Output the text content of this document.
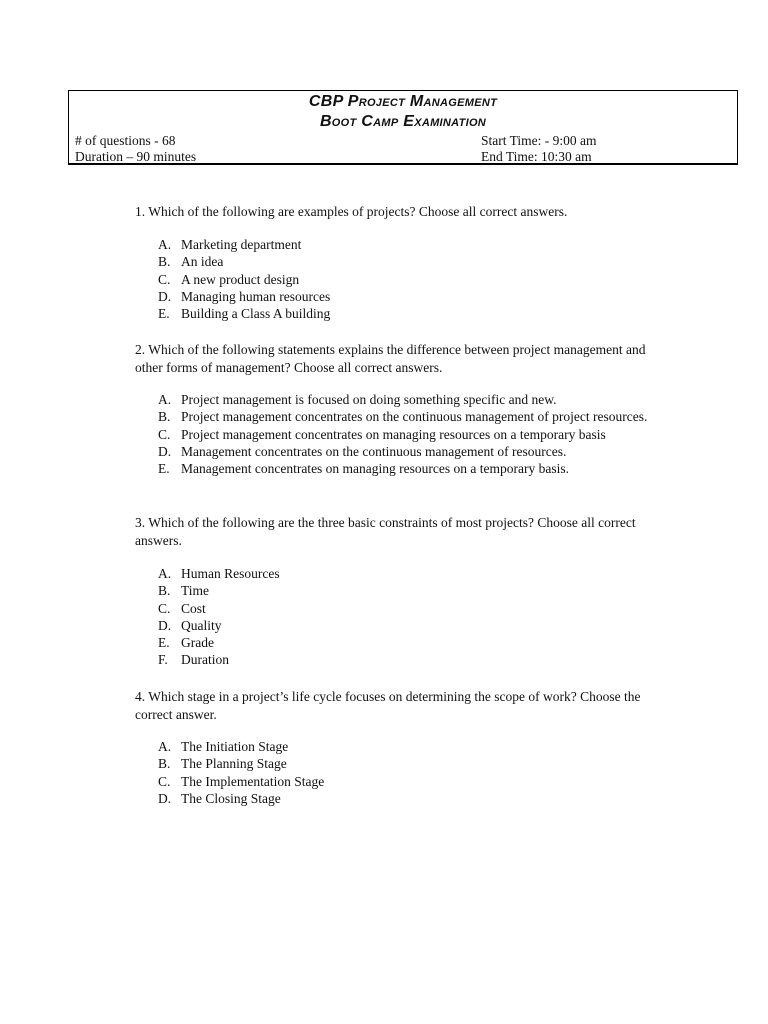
CBP Project Management
Boot Camp Examination
# of questions - 68
Duration – 90 minutes
Start Time: - 9:00 am
End Time: 10:30 am

1. Which of the following are examples of projects? Choose all correct answers.

A. Marketing department
B. An idea
C. A new product design
D. Managing human resources
E. Building a Class A building

2. Which of the following statements explains the difference between project management and other forms of management? Choose all correct answers.

A. Project management is focused on doing something specific and new.
B. Project management concentrates on the continuous management of project resources.
C. Project management concentrates on managing resources on a temporary basis
D. Management concentrates on the continuous management of resources.
E. Management concentrates on managing resources on a temporary basis.

3. Which of the following are the three basic constraints of most projects? Choose all correct answers.

A. Human Resources
B. Time
C. Cost
D. Quality
E. Grade
F. Duration

4. Which stage in a project’s life cycle focuses on determining the scope of work? Choose the correct answer.

A. The Initiation Stage
B. The Planning Stage
C. The Implementation Stage
D. The Closing Stage
